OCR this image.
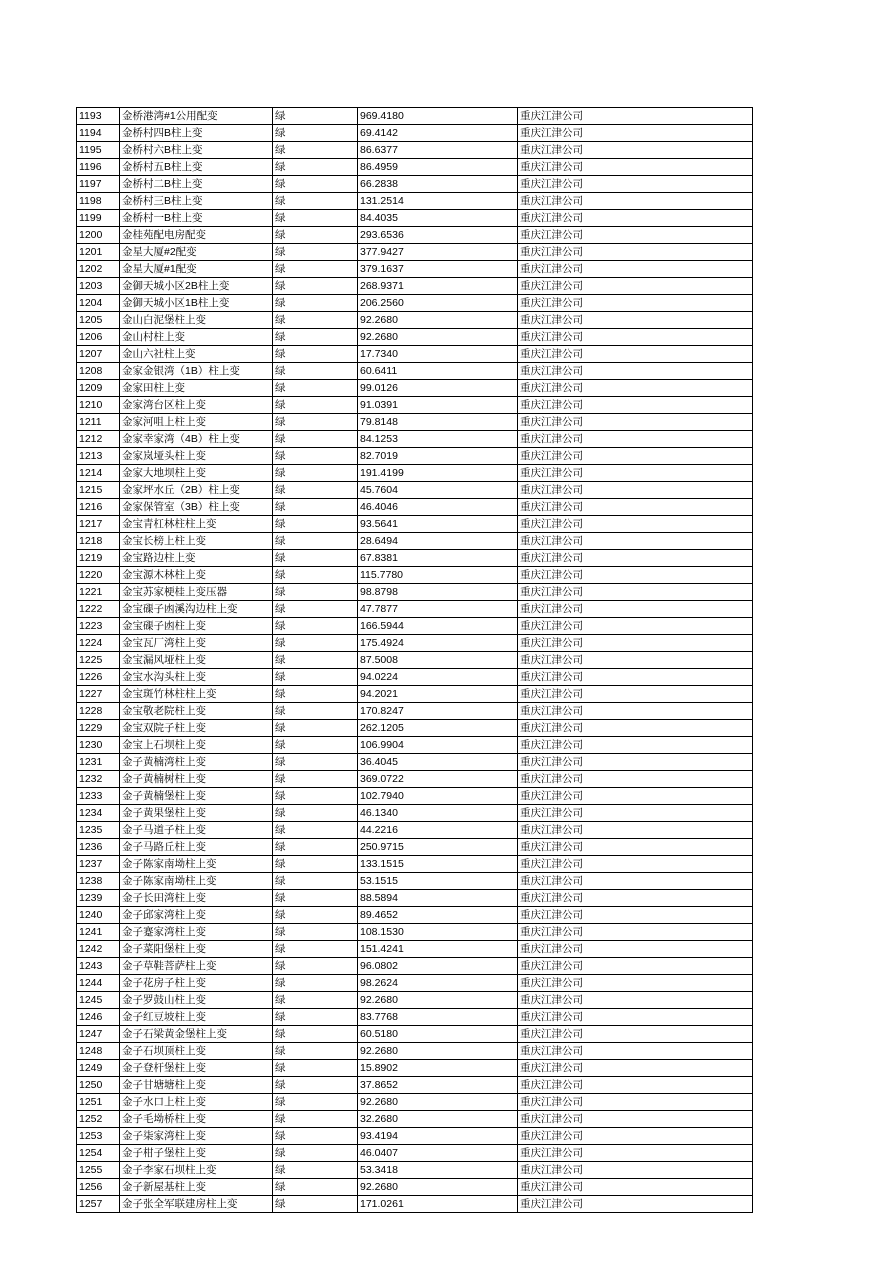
1193	金桥港湾#1公用配变	绿	969.4180	重庆江津公司
1194	金桥村四B柱上变	绿	69.4142	重庆江津公司
1195	金桥村六B柱上变	绿	86.6377	重庆江津公司
1196	金桥村五B柱上变	绿	86.4959	重庆江津公司
1197	金桥村二B柱上变	绿	66.2838	重庆江津公司
1198	金桥村三B柱上变	绿	131.2514	重庆江津公司
1199	金桥村一B柱上变	绿	84.4035	重庆江津公司
1200	金桂苑配电房配变	绿	293.6536	重庆江津公司
1201	金星大厦#2配变	绿	377.9427	重庆江津公司
1202	金星大厦#1配变	绿	379.1637	重庆江津公司
1203	金御天城小区2B柱上变	绿	268.9371	重庆江津公司
1204	金御天城小区1B柱上变	绿	206.2560	重庆江津公司
1205	金山白泥堡柱上变	绿	92.2680	重庆江津公司
1206	金山村柱上变	绿	92.2680	重庆江津公司
1207	金山六社柱上变	绿	17.7340	重庆江津公司
1208	金家金银湾（1B）柱上变	绿	60.6411	重庆江津公司
1209	金家田柱上变	绿	99.0126	重庆江津公司
1210	金家湾台区柱上变	绿	91.0391	重庆江津公司
1211	金家河咀上柱上变	绿	79.8148	重庆江津公司
1212	金家幸家湾（4B）柱上变	绿	84.1253	重庆江津公司
1213	金家岚垭头柱上变	绿	82.7019	重庆江津公司
1214	金家大地坝柱上变	绿	191.4199	重庆江津公司
1215	金家坪水丘（2B）柱上变	绿	45.7604	重庆江津公司
1216	金家保管室（3B）柱上变	绿	46.4046	重庆江津公司
1217	金宝青杠林柱柱上变	绿	93.5641	重庆江津公司
1218	金宝长榜上柱上变	绿	28.6494	重庆江津公司
1219	金宝路边柱上变	绿	67.8381	重庆江津公司
1220	金宝源木林柱上变	绿	115.7780	重庆江津公司
1221	金宝苏家梗桂上变压器	绿	98.8798	重庆江津公司
1222	金宝磲子凼溪沟边柱上变	绿	47.7877	重庆江津公司
1223	金宝磲子凼柱上变	绿	166.5944	重庆江津公司
1224	金宝瓦厂湾柱上变	绿	175.4924	重庆江津公司
1225	金宝漏风垭柱上变	绿	87.5008	重庆江津公司
1226	金宝水沟头柱上变	绿	94.0224	重庆江津公司
1227	金宝斑竹林柱柱上变	绿	94.2021	重庆江津公司
1228	金宝敬老院柱上变	绿	170.8247	重庆江津公司
1229	金宝双院子柱上变	绿	262.1205	重庆江津公司
1230	金宝上石坝柱上变	绿	106.9904	重庆江津公司
1231	金子黄楠湾柱上变	绿	36.4045	重庆江津公司
1232	金子黄楠树柱上变	绿	369.0722	重庆江津公司
1233	金子黄楠堡柱上变	绿	102.7940	重庆江津公司
1234	金子黄果堡柱上变	绿	46.1340	重庆江津公司
1235	金子马道子柱上变	绿	44.2216	重庆江津公司
1236	金子马路丘柱上变	绿	250.9715	重庆江津公司
1237	金子陈家南坳柱上变	绿	133.1515	重庆江津公司
1238	金子陈家南坳柱上变	绿	53.1515	重庆江津公司
1239	金子长田湾柱上变	绿	88.5894	重庆江津公司
1240	金子邱家湾柱上变	绿	89.4652	重庆江津公司
1241	金子蹇家湾柱上变	绿	108.1530	重庆江津公司
1242	金子菜阳堡柱上变	绿	151.4241	重庆江津公司
1243	金子草鞋菩萨柱上变	绿	96.0802	重庆江津公司
1244	金子花房子柱上变	绿	98.2624	重庆江津公司
1245	金子罗鼓山柱上变	绿	92.2680	重庆江津公司
1246	金子红豆坡柱上变	绿	83.7768	重庆江津公司
1247	金子石梁黄金堡柱上变	绿	60.5180	重庆江津公司
1248	金子石坝顶柱上变	绿	92.2680	重庆江津公司
1249	金子登杆堡柱上变	绿	15.8902	重庆江津公司
1250	金子甘塘塘柱上变	绿	37.8652	重庆江津公司
1251	金子水口上柱上变	绿	92.2680	重庆江津公司
1252	金子毛坳桥柱上变	绿	32.2680	重庆江津公司
1253	金子柒家湾柱上变	绿	93.4194	重庆江津公司
1254	金子柑子堡柱上变	绿	46.0407	重庆江津公司
1255	金子李家石坝柱上变	绿	53.3418	重庆江津公司
1256	金子新屋基柱上变	绿	92.2680	重庆江津公司
1257	金子张全军联建房柱上变	绿	171.0261	重庆江津公司
